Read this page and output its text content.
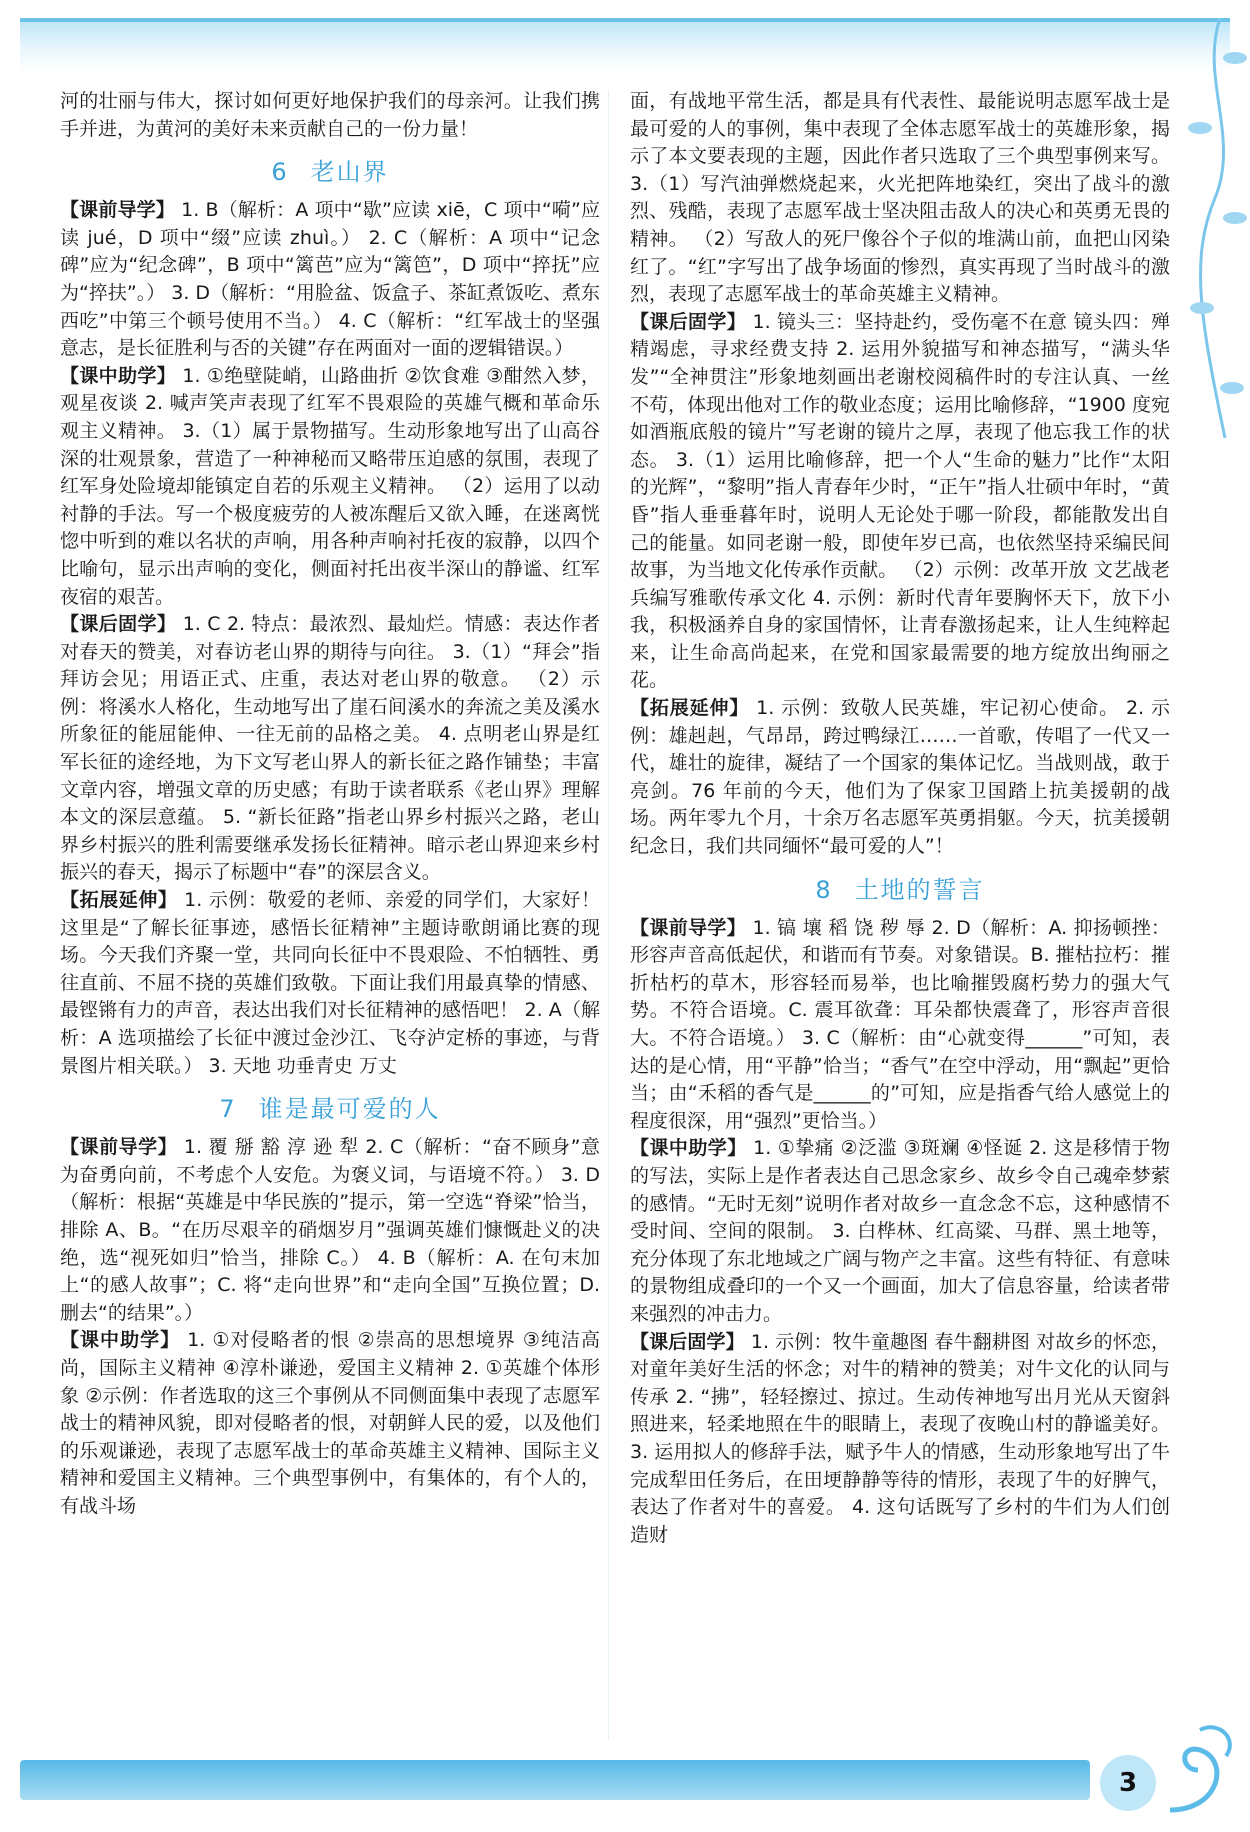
河的壮丽与伟大，探讨如何更好地保护我们的母亲河。让我们携手并进，为黄河的美好未来贡献自己的一份力量！

6 老山界

【课前导学】 1. B（解析：A 项中“歇”应读 xiē，C 项中“嗬”应读 jué，D 项中“缀”应读 zhuì。） 2. C（解析：A 项中“记念碑”应为“纪念碑”，B 项中“篱芭”应为“篱笆”，D 项中“捽抚”应为“捽扶”。） 3. D（解析：“用脸盆、饭盒子、茶缸煮饭吃、煮东西吃”中第三个顿号使用不当。） 4. C（解析：“红军战士的坚强意志，是长征胜利与否的关键”存在两面对一面的逻辑错误。）

【课中助学】 1. ①绝壁陡峭，山路曲折 ②饮食难 ③酣然入梦，观星夜谈 2. 喊声笑声表现了红军不畏艰险的英雄气概和革命乐观主义精神。 3.（1）属于景物描写。生动形象地写出了山高谷深的壮观景象，营造了一种神秘而又略带压迫感的氛围，表现了红军身处险境却能镇定自若的乐观主义精神。 （2）运用了以动衬静的手法。写一个极度疲劳的人被冻醒后又欲入睡，在迷离恍惚中听到的难以名状的声响，用各种声响衬托夜的寂静，以四个比喻句，显示出声响的变化，侧面衬托出夜半深山的静谧、红军夜宿的艰苦。

【课后固学】 1. C 2. 特点：最浓烈、最灿烂。情感：表达作者对春天的赞美，对春访老山界的期待与向往。 3.（1）“拜会”指拜访会见；用语正式、庄重，表达对老山界的敬意。 （2）示例：将溪水人格化，生动地写出了崖石间溪水的奔流之美及溪水所象征的能屈能伸、一往无前的品格之美。 4. 点明老山界是红军长征的途经地，为下文写老山界人的新长征之路作铺垫；丰富文章内容，增强文章的历史感；有助于读者联系《老山界》理解本文的深层意蕴。 5. “新长征路”指老山界乡村振兴之路，老山界乡村振兴的胜利需要继承发扬长征精神。暗示老山界迎来乡村振兴的春天，揭示了标题中“春”的深层含义。

【拓展延伸】 1. 示例：敬爱的老师、亲爱的同学们，大家好！这里是“了解长征事迹，感悟长征精神”主题诗歌朗诵比赛的现场。今天我们齐聚一堂，共同向长征中不畏艰险、不怕牺牲、勇往直前、不屈不挠的英雄们致敬。下面让我们用最真挚的情感、最铿锵有力的声音，表达出我们对长征精神的感悟吧！ 2. A（解析：A 选项描绘了长征中渡过金沙江、飞夺泸定桥的事迹，与背景图片相关联。） 3. 天地 功垂青史 万丈

7 谁是最可爱的人

【课前导学】 1. 覆 掰 豁 淳 逊 犁 2. C（解析：“奋不顾身”意为奋勇向前，不考虑个人安危。为褒义词，与语境不符。） 3. D（解析：根据“英雄是中华民族的”提示，第一空选“脊梁”恰当，排除 A、B。“在历尽艰辛的硝烟岁月”强调英雄们慷慨赴义的决绝，选“视死如归”恰当，排除 C。） 4. B（解析：A. 在句末加上“的感人故事”；C. 将“走向世界”和“走向全国”互换位置；D. 删去“的结果”。）

【课中助学】 1. ①对侵略者的恨 ②崇高的思想境界 ③纯洁高尚，国际主义精神 ④淳朴谦逊，爱国主义精神 2. ①英雄个体形象 ②示例：作者选取的这三个事例从不同侧面集中表现了志愿军战士的精神风貌，即对侵略者的恨，对朝鲜人民的爱，以及他们的乐观谦逊，表现了志愿军战士的革命英雄主义精神、国际主义精神和爱国主义精神。三个典型事例中，有集体的，有个人的，有战斗场

面，有战地平常生活，都是具有代表性、最能说明志愿军战士是最可爱的人的事例，集中表现了全体志愿军战士的英雄形象，揭示了本文要表现的主题，因此作者只选取了三个典型事例来写。 3.（1）写汽油弹燃烧起来，火光把阵地染红，突出了战斗的激烈、残酷，表现了志愿军战士坚决阻击敌人的决心和英勇无畏的精神。 （2）写敌人的死尸像谷个子似的堆满山前，血把山冈染红了。“红”字写出了战争场面的惨烈，真实再现了当时战斗的激烈，表现了志愿军战士的革命英雄主义精神。

【课后固学】 1. 镜头三：坚持赴约，受伤毫不在意 镜头四：殚精竭虑，寻求经费支持 2. 运用外貌描写和神态描写，“满头华发”“全神贯注”形象地刻画出老谢校阅稿件时的专注认真、一丝不苟，体现出他对工作的敬业态度；运用比喻修辞，“1900 度宛如酒瓶底般的镜片”写老谢的镜片之厚，表现了他忘我工作的状态。 3.（1）运用比喻修辞，把一个人“生命的魅力”比作“太阳的光辉”，“黎明”指人青春年少时，“正午”指人壮硕中年时，“黄昏”指人垂垂暮年时，说明人无论处于哪一阶段，都能散发出自己的能量。如同老谢一般，即使年岁已高，也依然坚持采编民间故事，为当地文化传承作贡献。 （2）示例：改革开放 文艺战老兵编写雅歌传承文化 4. 示例：新时代青年要胸怀天下，放下小我，积极涵养自身的家国情怀，让青春激扬起来，让人生纯粹起来，让生命高尚起来，在党和国家最需要的地方绽放出绚丽之花。

【拓展延伸】 1. 示例：致敬人民英雄，牢记初心使命。 2. 示例：雄赳赳，气昂昂，跨过鸭绿江……一首歌，传唱了一代又一代，雄壮的旋律，凝结了一个国家的集体记忆。当战则战，敢于亮剑。76 年前的今天，他们为了保家卫国踏上抗美援朝的战场。两年零九个月，十余万名志愿军英勇捐躯。今天，抗美援朝纪念日，我们共同缅怀“最可爱的人”！

8 土地的誓言

【课前导学】 1. 镐 壤 稻 饶 秽 辱 2. D（解析：A. 抑扬顿挫：形容声音高低起伏，和谐而有节奏。对象错误。B. 摧枯拉朽：摧折枯朽的草木，形容轻而易举，也比喻摧毁腐朽势力的强大气势。不符合语境。C. 震耳欲聋：耳朵都快震聋了，形容声音很大。不符合语境。） 3. C（解析：由“心就变得______”可知，表达的是心情，用“平静”恰当；“香气”在空中浮动，用“飘起”更恰当；由“禾稻的香气是______的”可知，应是指香气给人感觉上的程度很深，用“强烈”更恰当。）

【课中助学】 1. ①挚痛 ②泛滥 ③斑斓 ④怪诞 2. 这是移情于物的写法，实际上是作者表达自己思念家乡、故乡令自己魂牵梦萦的感情。“无时无刻”说明作者对故乡一直念念不忘，这种感情不受时间、空间的限制。 3. 白桦林、红高粱、马群、黑土地等，充分体现了东北地域之广阔与物产之丰富。这些有特征、有意味的景物组成叠印的一个又一个画面，加大了信息容量，给读者带来强烈的冲击力。

【课后固学】 1. 示例：牧牛童趣图 春牛翻耕图 对故乡的怀恋，对童年美好生活的怀念；对牛的精神的赞美；对牛文化的认同与传承 2. “拂”，轻轻擦过、掠过。生动传神地写出月光从天窗斜照进来，轻柔地照在牛的眼睛上，表现了夜晚山村的静谧美好。 3. 运用拟人的修辞手法，赋予牛人的情感，生动形象地写出了牛完成犁田任务后，在田埂静静等待的情形，表现了牛的好脾气，表达了作者对牛的喜爱。 4. 这句话既写了乡村的牛们为人们创造财

3
